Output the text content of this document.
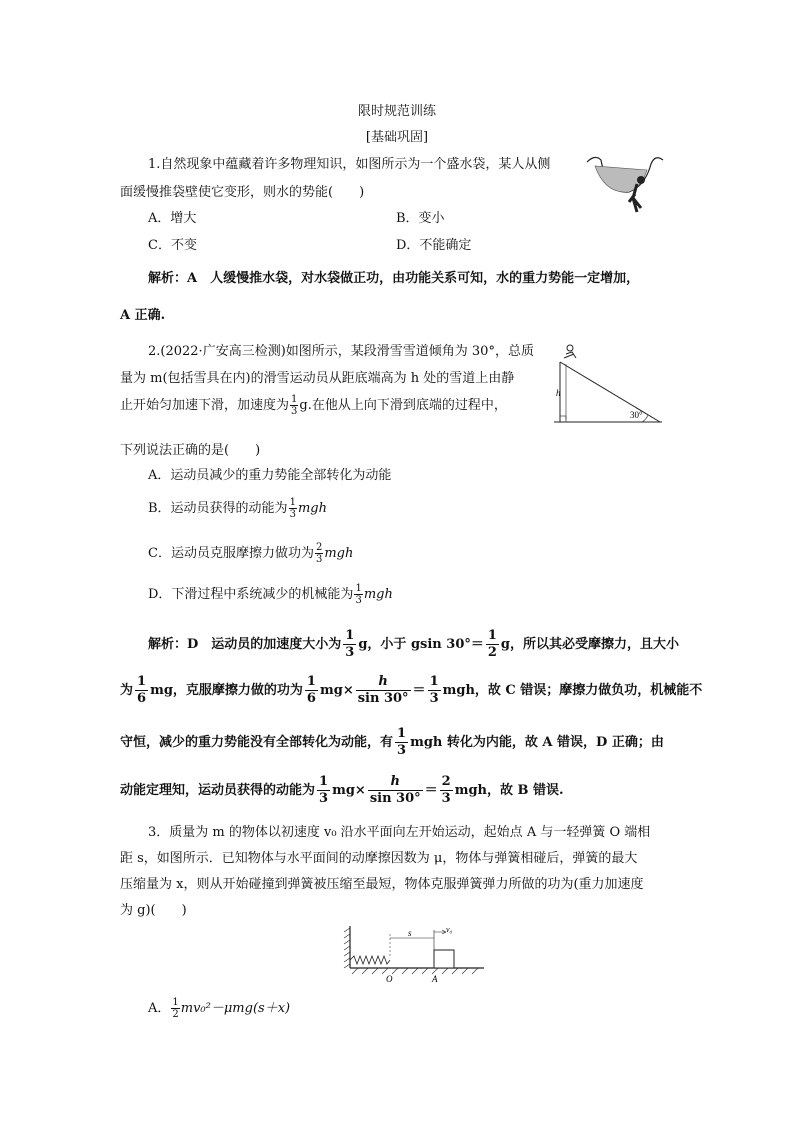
限时规范训练
[基础巩固]
1.自然现象中蕴藏着许多物理知识，如图所示为一个盛水袋，某人从侧
面缓慢推袋壁使它变形，则水的势能(　　)
A．增大	B．变小
C．不变	D．不能确定
解析：A　人缓慢推水袋，对水袋做正功，由功能关系可知，水的重力势能一定增加，
A 正确.
2.(2022·广安高三检测)如图所示，某段滑雪雪道倾角为 30°，总质
量为 m(包括雪具在内)的滑雪运动员从距底端高为 h 处的雪道上由静
止开始匀加速下滑，加速度为 $\frac{1}{3} g$.在他从上向下滑到底端的过程中，
下列说法正确的是(　　)
h
30°
A．运动员减少的重力势能全部转化为动能
B．运动员获得的动能为 $\frac{1}{3}$ mgh
C．运动员克服摩擦力做功为 $\frac{2}{3}$ mgh
D．下滑过程中系统减少的机械能为 $\frac{1}{3}$ mgh
解析：D　运动员的加速度大小为 $\frac{1}{3}$ g，小于 gsin $30^\circ= \frac{1}{2}$ g，所以其必受摩擦力，且大小
为 $\frac{1}{6}$ mg，克服摩擦力做的功为 $\frac{1}{6} mg\times \frac{h}{\sin 30^\circ} = \frac{1}{3}$ mgh，故 C 错误；摩擦力做负功，机械能不
守恒，减少的重力势能没有全部转化为动能，有 $\frac{1}{3}$ mgh 转化为内能，故 A 错误，D 正确；由
动能定理知，运动员获得的动能为 $\frac{1}{3} mg\times \frac{h}{\sin 30^\circ} = \frac{2}{3}$ mgh，故 B 错误.
3．质量为 m 的物体以初速度 v₀ 沿水平面向左开始运动，起始点 A 与一轻弹簧 O 端相
距 s，如图所示．已知物体与水平面间的动摩擦因数为 μ，物体与弹簧相碰后，弹簧的最大
压缩量为 x，则从开始碰撞到弹簧被压缩至最短，物体克服弹簧弹力所做的功为(重力加速度
为 g)(　　)
s	v₀
O	A
A． $\frac{1}{2} mv_0^2-\mu mg(s+x)$
